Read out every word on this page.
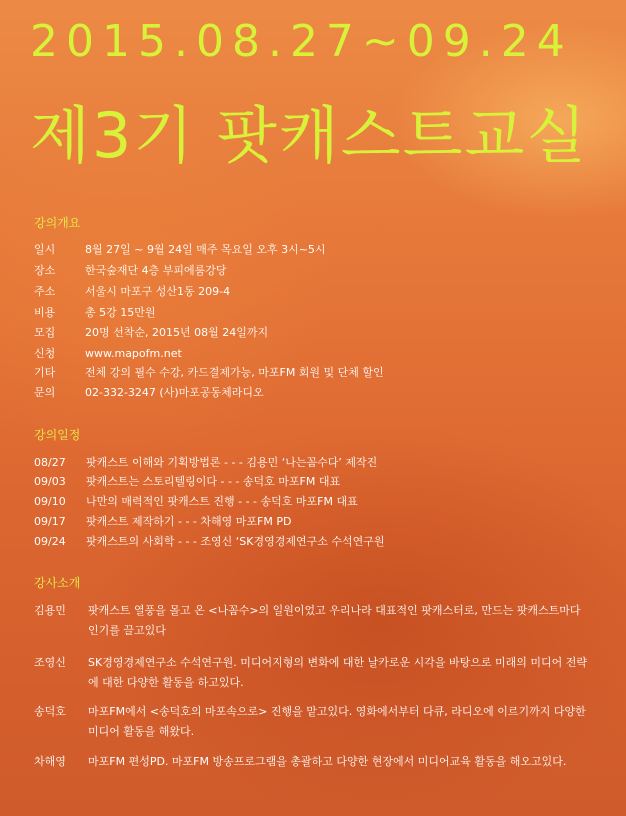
2015.08.27~09.24
제3기 팟캐스트교실
강의개요
일시	8월 27일 ~ 9월 24일 매주 목요일 오후 3시~5시
장소	한국숲재단 4층 부피에룸강당
주소	서울시 마포구 성산1동 209-4
비용	총 5강 15만원
모집	20명 선착순, 2015년 08월 24일까지
신청	www.mapofm.net
기타	전체 강의 필수 수강, 카드결제가능, 마포FM 회원 및 단체 할인
문의	02-332-3247 (사)마포공동체라디오
강의일정
08/27 팟캐스트 이해와 기획방법론 - - - 김용민 ‘나는꼼수다’ 제작진
09/03 팟캐스트는 스토리텔링이다 - - - 송덕호 마포FM 대표
09/10 나만의 매력적인 팟캐스트 진행 - - - 송덕호 마포FM 대표
09/17 팟캐스트 제작하기 - - - 차해영 마포FM PD
09/24 팟캐스트의 사회학 - - - 조영신 ‘SK경영경제연구소 수석연구원
강사소개
김용민 팟캐스트 열풍을 몰고 온 <나꼼수>의 일원이었고 우리나라 대표적인 팟캐스터로, 만드는 팟캐스트마다 인기를 끌고있다
조영신 SK경영경제연구소 수석연구원. 미디어지형의 변화에 대한 날카로운 시각을 바탕으로 미래의 미디어 전략에 대한 다양한 활동을 하고있다.
송덕호 마포FM에서 <송덕호의 마포속으로> 진행을 맡고있다. 영화에서부터 다큐, 라디오에 이르기까지 다양한 미디어 활동을 해왔다.
차해영 마포FM 편성PD. 마포FM 방송프로그램을 총괄하고 다양한 현장에서 미디어교육 활동을 해오고있다.
